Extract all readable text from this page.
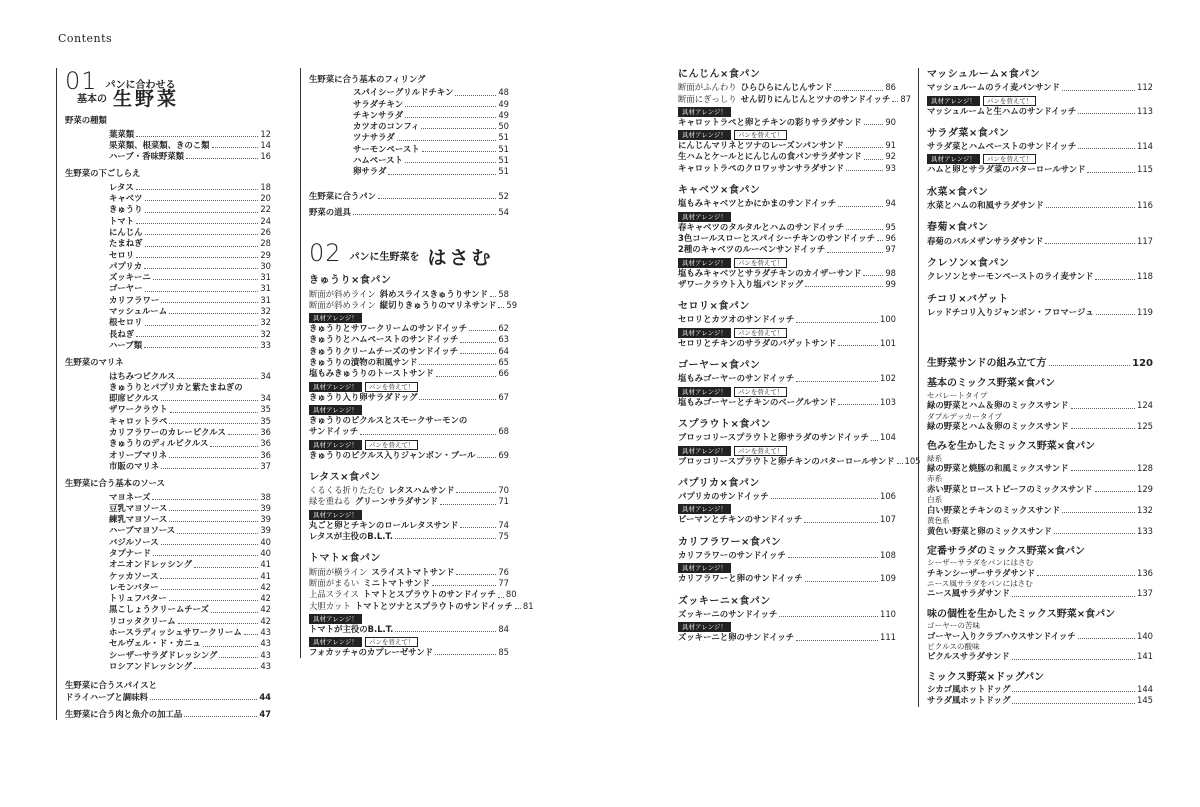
Contents
01 パンに合わせる
基本の 生野菜
野菜の種類
葉菜類	12
果菜類、根菜類、きのこ類	14
ハーブ・香味野菜類	16
生野菜の下ごしらえ
レタス	18
キャベツ	20
きゅうり	22
トマト	24
にんじん	26
たまねぎ	28
セロリ	29
パプリカ	30
ズッキーニ	31
ゴーヤー	31
カリフラワー	31
マッシュルーム	32
根セロリ	32
長ねぎ	32
ハーブ類	33
生野菜のマリネ
はちみつピクルス	34
きゅうりとパプリカと紫たまねぎの
即席ピクルス	34
ザワークラウト	35
キャロットラペ	35
カリフラワーのカレーピクルス	36
きゅうりのディルピクルス	36
オリーブマリネ	36
市販のマリネ	37
生野菜に合う基本のソース
マヨネーズ	38
豆乳マヨソース	39
練乳マヨソース	39
ハーブマヨソース	39
バジルソース	40
タプナード	40
オニオンドレッシング	41
ケッカソース	41
レモンバター	42
トリュフバター	42
黒こしょうクリームチーズ	42
リコッタクリーム	42
ホースラディッシュサワークリーム 43
セルヴェル・ド・カニュ	43
シーザーサラダドレッシング	43
ロシアンドレッシング	43
生野菜に合うスパイスと
ドライハーブと調味料	44
生野菜に合う肉と魚介の加工品	47
生野菜に合う基本のフィリング
スパイシーグリルドチキン	48
サラダチキン	49
チキンサラダ	49
カツオのコンフィ	50
ツナサラダ	51
サーモンペースト	51
ハムペースト	51
卵サラダ	51
生野菜に合うパン	52
野菜の道具	54
02 パンに生野菜を はさむ
きゅうり×食パン
断面が斜めライン 斜めスライスきゅうりサンド 58
断面が斜めライン 縦切りきゅうりのマリネサンド 59
具材アレンジ！
きゅうりとサワークリームのサンドイッチ	62
きゅうりとハムペーストのサンドイッチ	63
きゅうりクリームチーズのサンドイッチ	64
きゅうりの漬物の和風サンド	65
塩もみきゅうりのトーストサンド	66
具材アレンジ！	パンを替えて！
きゅうり入り卵サラダドッグ	67
具材アレンジ！
きゅうりのピクルスとスモークサーモンの
サンドイッチ	68
具材アレンジ！	パンを替えて！
きゅうりのピクルス入りジャンボン・ブール	69
レタス×食パン
くるくる折りたたむ レタスハムサンド	70
緑を重ねる グリーンサラダサンド	71
具材アレンジ！
丸ごと卵とチキンのロールレタスサンド	74
レタスが主役のB.L.T.	75
トマト×食パン
断面が横ライン スライストマトサンド	76
断面がまるい ミニトマトサンド	77
上品スライス トマトとスプラウトのサンドイッチ 80
大胆カット トマトとツナとスプラウトのサンドイッチ 81
具材アレンジ！
トマトが主役のB.L.T.	84
具材アレンジ！	パンを替えて！
フォカッチャのカプレーゼサンド	85
にんじん×食パン
断面がふんわり ひらひらにんじんサンド	86
断面にぎっしり せん切りにんじんとツナのサンドイッチ 87
具材アレンジ！
キャロットラペと卵とチキンの彩りサラダサンド	90
具材アレンジ！	パンを替えて！
にんじんマリネとツナのレーズンパンサンド	91
生ハムとケールとにんじんの食パンサラダサンド	92
キャロットラペのクロワッサンサラダサンド	93
キャベツ×食パン
塩もみキャベツとかにかまのサンドイッチ	94
具材アレンジ！
春キャベツのタルタルとハムのサンドイッチ	95
3色コールスローとスパイシーチキンのサンドイッチ 96
2種のキャベツのルーベンサンドイッチ	97
具材アレンジ！	パンを替えて！
塩もみキャベツとサラダチキンのカイザーサンド	98
ザワークラウト入り塩パンドッグ	99
セロリ×食パン
セロリとカツオのサンドイッチ	100
具材アレンジ！	パンを替えて！
セロリとチキンのサラダのバゲットサンド	101
ゴーヤー×食パン
塩もみゴーヤーのサンドイッチ	102
具材アレンジ！	パンを替えて！
塩もみゴーヤーとチキンのベーグルサンド	103
スプラウト×食パン
ブロッコリースプラウトと卵サラダのサンドイッチ 104
具材アレンジ！	パンを替えて！
ブロッコリースプラウトと卵チキンのバターロールサンド 105
パプリカ×食パン
パプリカのサンドイッチ	106
具材アレンジ！
ピーマンとチキンのサンドイッチ	107
カリフラワー×食パン
カリフラワーのサンドイッチ	108
具材アレンジ！
カリフラワーと卵のサンドイッチ	109
ズッキーニ×食パン
ズッキーニのサンドイッチ	110
具材アレンジ！
ズッキーニと卵のサンドイッチ	111
マッシュルーム×食パン
マッシュルームのライ麦パンサンド	112
具材アレンジ！	パンを替えて！
マッシュルームと生ハムのサンドイッチ	113
サラダ菜×食パン
サラダ菜とハムペーストのサンドイッチ	114
具材アレンジ！	パンを替えて！
ハムと卵とサラダ菜のバターロールサンド	115
水菜×食パン
水菜とハムの和風サラダサンド	116
春菊×食パン
春菊のバルメザンサラダサンド	117
クレソン×食パン
クレソンとサーモンペーストのライ麦サンド	118
チコリ×バゲット
レッドチコリ入りジャンボン・フロマージュ	119
生野菜サンドの組み立て方	120
基本のミックス野菜×食パン
セパレートタイプ
緑の野菜とハム＆卵のミックスサンド	124
ダブルデッカータイプ
緑の野菜とハム＆卵のミックスサンド	125
色みを生かしたミックス野菜×食パン
緑系
緑の野菜と焼豚の和風ミックスサンド	128
赤系
赤い野菜とローストビーフのミックスサンド	129
白系
白い野菜とチキンのミックスサンド	132
黄色系
黄色い野菜と卵のミックスサンド	133
定番サラダのミックス野菜×食パン
シーザーサラダをパンにはさむ
チキンシーザーサラダサンド	136
ニース風サラダをパンにはさむ
ニース風サラダサンド	137
味の個性を生かしたミックス野菜×食パン
ゴーヤーの苦味
ゴーヤー入りクラブハウスサンドイッチ	140
ピクルスの酸味
ピクルスサラダサンド	141
ミックス野菜×ドッグパン
シカゴ風ホットドッグ	144
サラダ風ホットドッグ	145
